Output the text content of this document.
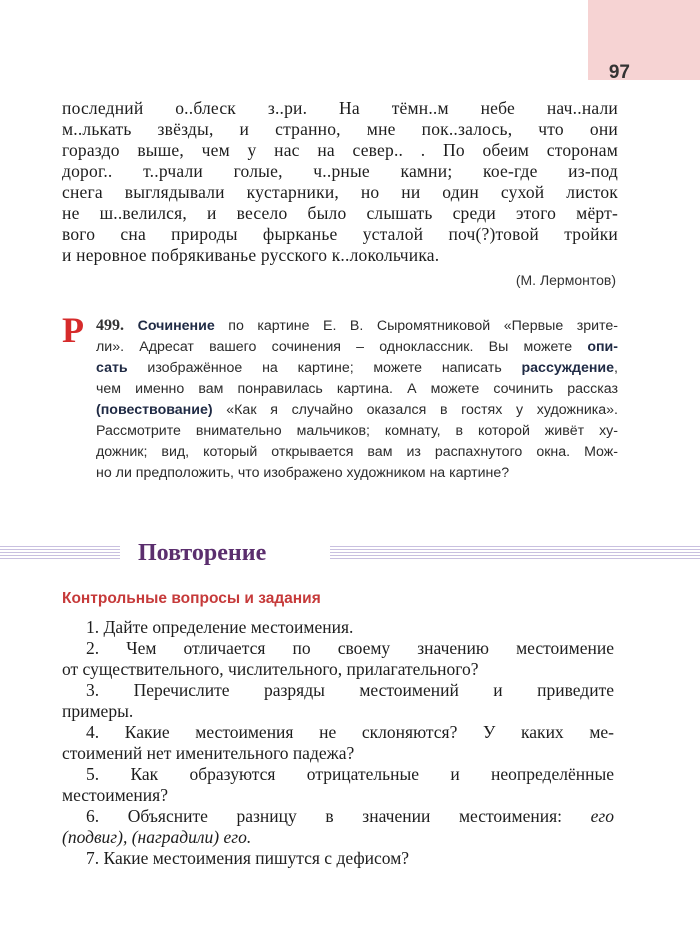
97
последний о..блеск з..ри. На тёмн..м небе нач..нали
м..лькать звёзды, и странно, мне пок..залось, что они
гораздо выше, чем у нас на север.. . По обеим сторонам
дорог.. т..рчали голые, ч..рные камни; кое-где из-под
снега выглядывали кустарники, но ни один сухой листок
не ш..велился, и весело было слышать среди этого мёрт-
вого сна природы фырканье усталой поч(?)товой тройки
и неровное побрякиванье русского к..локольчика.
(М. Лермонтов)
Р 499. Сочинение по картине Е. В. Сыромятниковой «Первые зрите-
ли». Адресат вашего сочинения – одноклассник. Вы можете опи-
сать изображённое на картине; можете написать рассуждение,
чем именно вам понравилась картина. А можете сочинить рассказ
(повествование) «Как я случайно оказался в гостях у художника».
Рассмотрите внимательно мальчиков; комнату, в которой живёт ху-
дожник; вид, который открывается вам из распахнутого окна. Мож-
но ли предположить, что изображено художником на картине?
Повторение
Контрольные вопросы и задания
1. Дайте определение местоимения.
2. Чем отличается по своему значению местоимение
от существительного, числительного, прилагательного?
3. Перечислите разряды местоимений и приведите
примеры.
4. Какие местоимения не склоняются? У каких ме-
стоимений нет именительного падежа?
5. Как образуются отрицательные и неопределённые
местоимения?
6. Объясните разницу в значении местоимения: его
(подвиг), (наградили) его.
7. Какие местоимения пишутся с дефисом?
